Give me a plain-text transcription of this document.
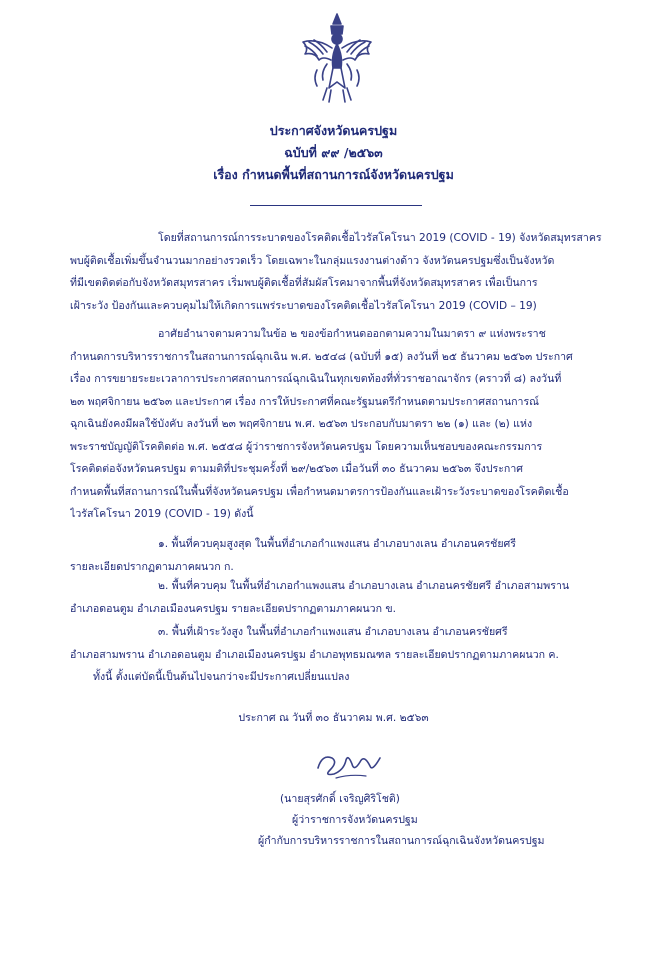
ประกาศจังหวัดนครปฐม
ฉบับที่ ๙๙ /๒๕๖๓
เรื่อง กำหนดพื้นที่สถานการณ์จังหวัดนครปฐม
โดยที่สถานการณ์การระบาดของโรคติดเชื้อไวรัสโคโรนา 2019 (COVID - 19) จังหวัดสมุทรสาคร
พบผู้ติดเชื้อเพิ่มขึ้นจำนวนมากอย่างรวดเร็ว โดยเฉพาะในกลุ่มแรงงานต่างด้าว จังหวัดนครปฐมซึ่งเป็นจังหวัด
ที่มีเขตติดต่อกับจังหวัดสมุทรสาคร เริ่มพบผู้ติดเชื้อที่สัมผัสโรคมาจากพื้นที่จังหวัดสมุทรสาคร เพื่อเป็นการ
เฝ้าระวัง ป้องกันและควบคุมไม่ให้เกิดการแพร่ระบาดของโรคติดเชื้อไวรัสโคโรนา 2019 (COVID – 19)
อาศัยอำนาจตามความในข้อ ๒ ของข้อกำหนดออกตามความในมาตรา ๙ แห่งพระราช
กำหนดการบริหารราชการในสถานการณ์ฉุกเฉิน พ.ศ. ๒๕๔๘ (ฉบับที่ ๑๕) ลงวันที่ ๒๕ ธันวาคม ๒๕๖๓ ประกาศ
เรื่อง การขยายระยะเวลาการประกาศสถานการณ์ฉุกเฉินในทุกเขตท้องที่ทั่วราชอาณาจักร (คราวที่ ๘) ลงวันที่
๒๓ พฤศจิกายน ๒๕๖๓ และประกาศ เรื่อง การให้ประกาศที่คณะรัฐมนตรีกำหนดตามประกาศสถานการณ์
ฉุกเฉินยังคงมีผลใช้บังคับ ลงวันที่ ๒๓ พฤศจิกายน พ.ศ. ๒๕๖๓ ประกอบกับมาตรา ๒๒ (๑) และ (๒) แห่ง
พระราชบัญญัติโรคติดต่อ พ.ศ. ๒๕๕๘ ผู้ว่าราชการจังหวัดนครปฐม โดยความเห็นชอบของคณะกรรมการ
โรคติดต่อจังหวัดนครปฐม ตามมติที่ประชุมครั้งที่ ๒๙/๒๕๖๓ เมื่อวันที่ ๓๐ ธันวาคม ๒๕๖๓ จึงประกาศ
กำหนดพื้นที่สถานการณ์ในพื้นที่จังหวัดนครปฐม เพื่อกำหนดมาตรการป้องกันและเฝ้าระวังระบาดของโรคติดเชื้อ
ไวรัสโคโรนา 2019 (COVID - 19) ดังนี้
๑. พื้นที่ควบคุมสูงสุด ในพื้นที่อำเภอกำแพงแสน อำเภอบางเลน อำเภอนครชัยศรี
รายละเอียดปรากฏตามภาคผนวก ก.
๒. พื้นที่ควบคุม ในพื้นที่อำเภอกำแพงแสน อำเภอบางเลน อำเภอนครชัยศรี อำเภอสามพราน
อำเภอดอนตูม อำเภอเมืองนครปฐม รายละเอียดปรากฏตามภาคผนวก ข.
๓. พื้นที่เฝ้าระวังสูง ในพื้นที่อำเภอกำแพงแสน อำเภอบางเลน อำเภอนครชัยศรี
อำเภอสามพราน อำเภอดอนตูม อำเภอเมืองนครปฐม อำเภอพุทธมณฑล รายละเอียดปรากฏตามภาคผนวก ค.
ทั้งนี้ ตั้งแต่บัดนี้เป็นต้นไปจนกว่าจะมีประกาศเปลี่ยนแปลง
ประกาศ ณ วันที่ ๓๐ ธันวาคม พ.ศ. ๒๕๖๓
(นายสุรศักดิ์ เจริญศิริโชติ)
ผู้ว่าราชการจังหวัดนครปฐม
ผู้กำกับการบริหารราชการในสถานการณ์ฉุกเฉินจังหวัดนครปฐม
